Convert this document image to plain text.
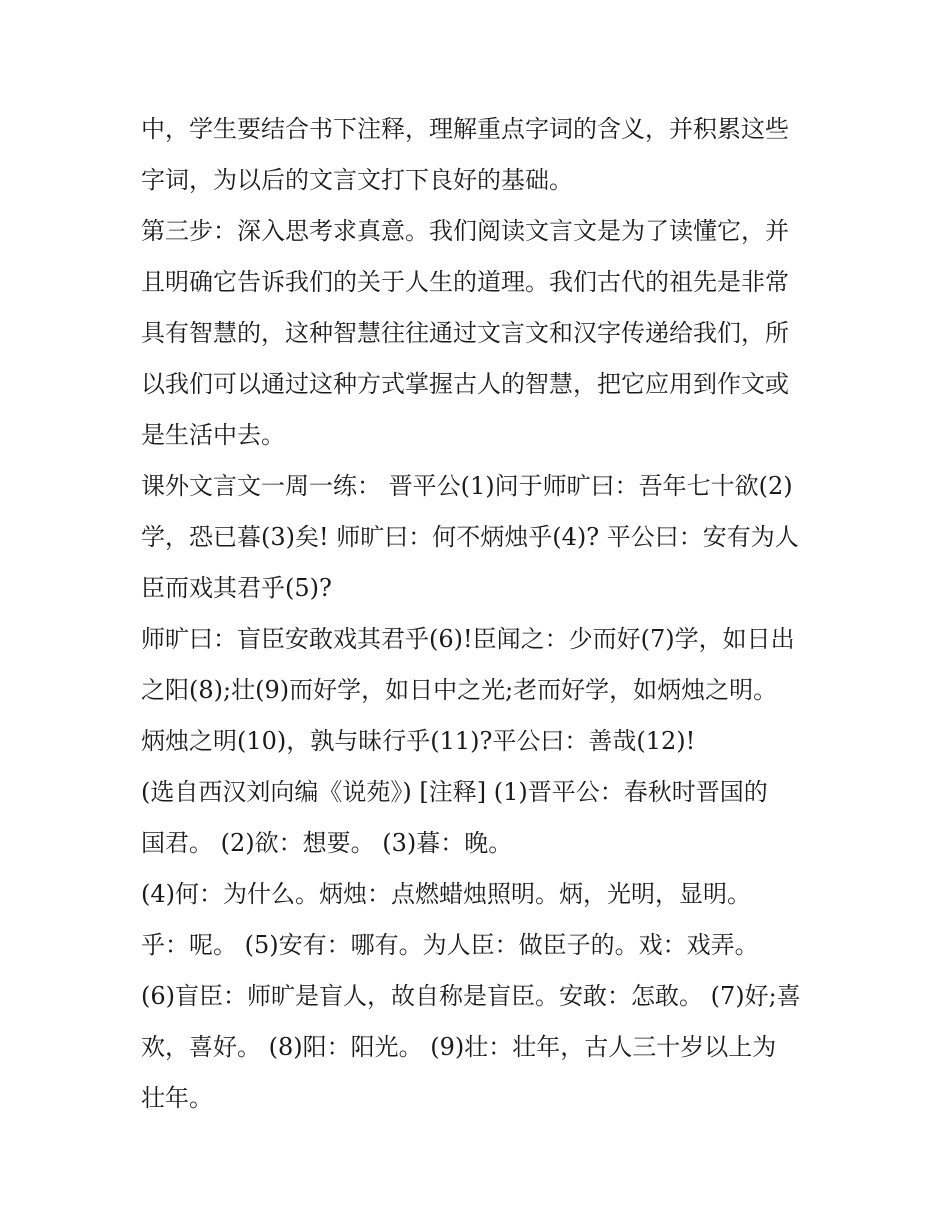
中，学生要结合书下注释，理解重点字词的含义，并积累这些
字词，为以后的文言文打下良好的基础。
第三步：深入思考求真意。我们阅读文言文是为了读懂它，并
且明确它告诉我们的关于人生的道理。我们古代的祖先是非常
具有智慧的，这种智慧往往通过文言文和汉字传递给我们，所
以我们可以通过这种方式掌握古人的智慧，把它应用到作文或
是生活中去。
课外文言文一周一练： 晋平公(1)问于师旷曰：吾年七十欲(2)
学，恐已暮(3)矣! 师旷曰：何不炳烛乎(4)? 平公曰：安有为人
臣而戏其君乎(5)?
师旷曰：盲臣安敢戏其君乎(6)!臣闻之：少而好(7)学，如日出
之阳(8);壮(9)而好学，如日中之光;老而好学，如炳烛之明。
炳烛之明(10)，孰与昧行乎(11)?平公曰：善哉(12)!
(选自西汉刘向编《说苑》) [注释] (1)晋平公：春秋时晋国的
国君。 (2)欲：想要。 (3)暮：晚。
(4)何：为什么。炳烛：点燃蜡烛照明。炳，光明，显明。
乎：呢。 (5)安有：哪有。为人臣：做臣子的。戏：戏弄。
(6)盲臣：师旷是盲人，故自称是盲臣。安敢：怎敢。 (7)好;喜
欢，喜好。 (8)阳：阳光。 (9)壮：壮年，古人三十岁以上为
壮年。
